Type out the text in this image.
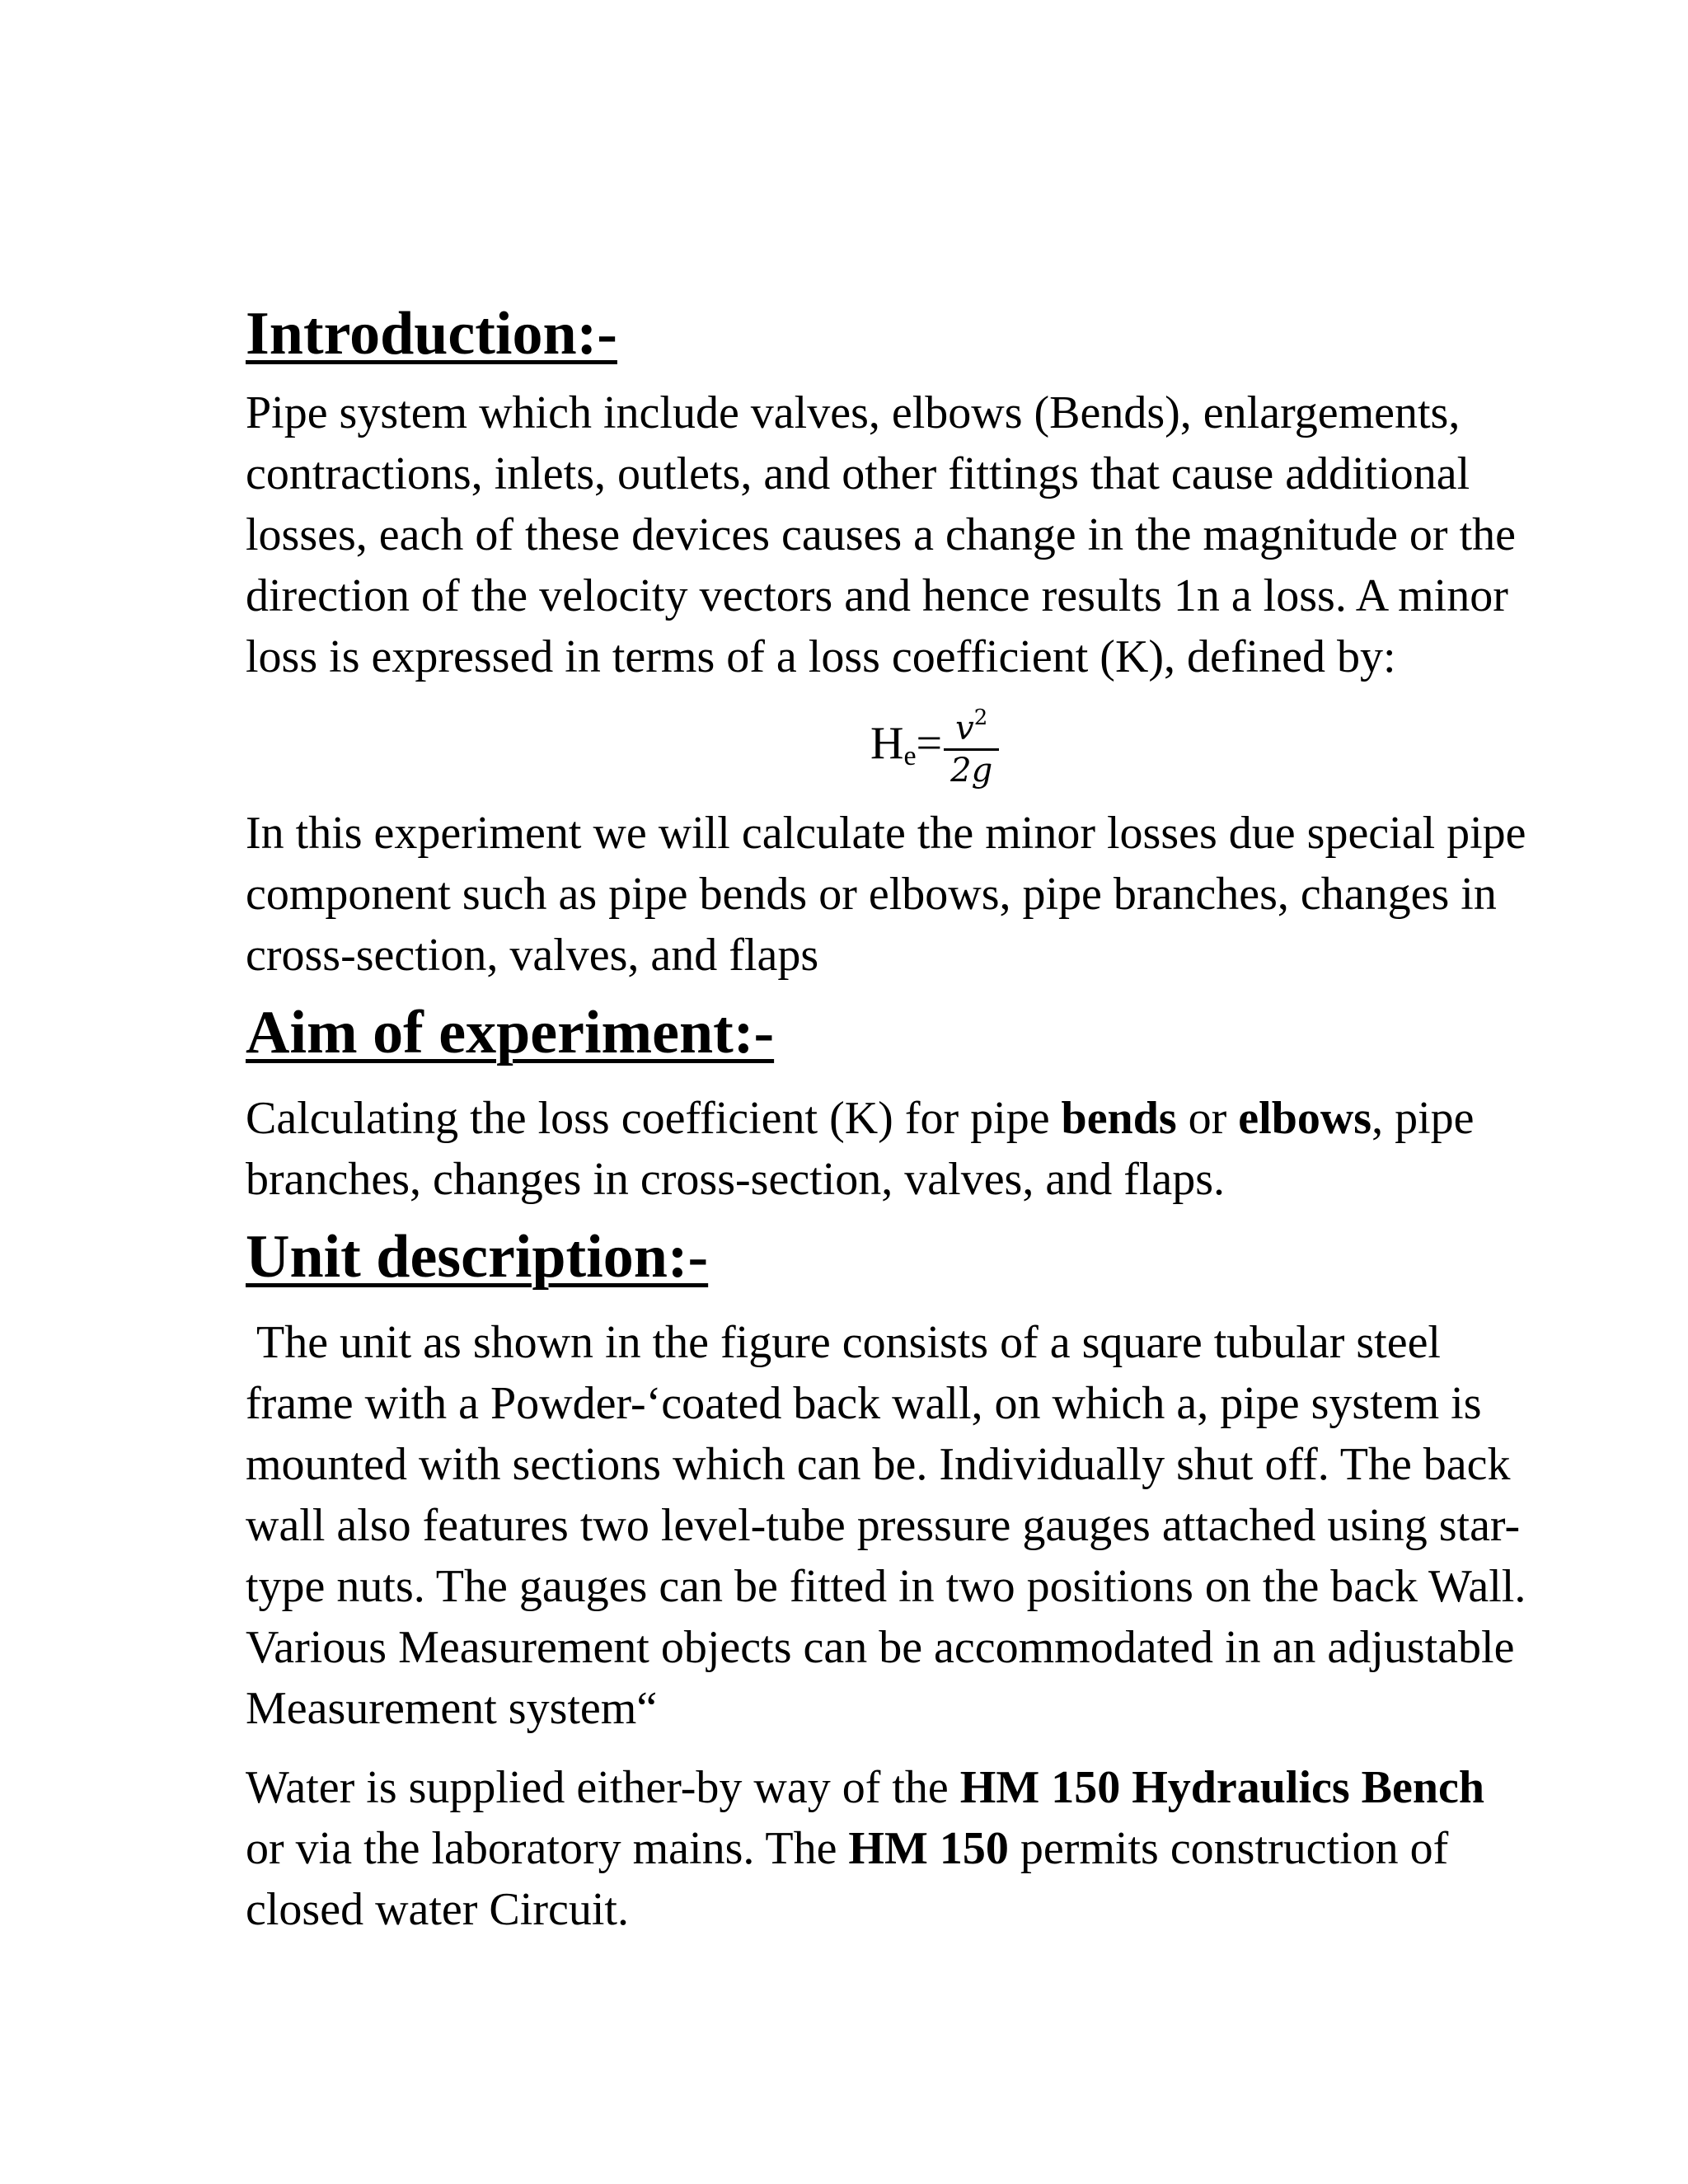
Introduction:-

Pipe system which include valves, elbows (Bends), enlargements,
contractions, inlets, outlets, and other fittings that cause additional
losses, each of these devices causes a change in the magnitude or the
direction of the velocity vectors and hence results 1n a loss. A minor
loss is expressed in terms of a loss coefficient (K), defined by:

$H_e= \frac{v^2}{2g}$

In this experiment we will calculate the minor losses due special pipe
component such as pipe bends or elbows, pipe branches, changes in
cross-section, valves, and flaps

Aim of experiment:-

Calculating the loss coefficient (K) for pipe bends or elbows, pipe
branches, changes in cross-section, valves, and flaps.

Unit description:-

The unit as shown in the figure consists of a square tubular steel
frame with a Powder-‘coated back wall, on which a, pipe system is
mounted with sections which can be. Individually shut off. The back
wall also features two level-tube pressure gauges attached using star-
type nuts. The gauges can be fitted in two positions on the back Wall.
Various Measurement objects can be accommodated in an adjustable
Measurement system“

Water is supplied either-by way of the HM 150 Hydraulics Bench
or via the laboratory mains. The HM 150 permits construction of
closed water Circuit.
